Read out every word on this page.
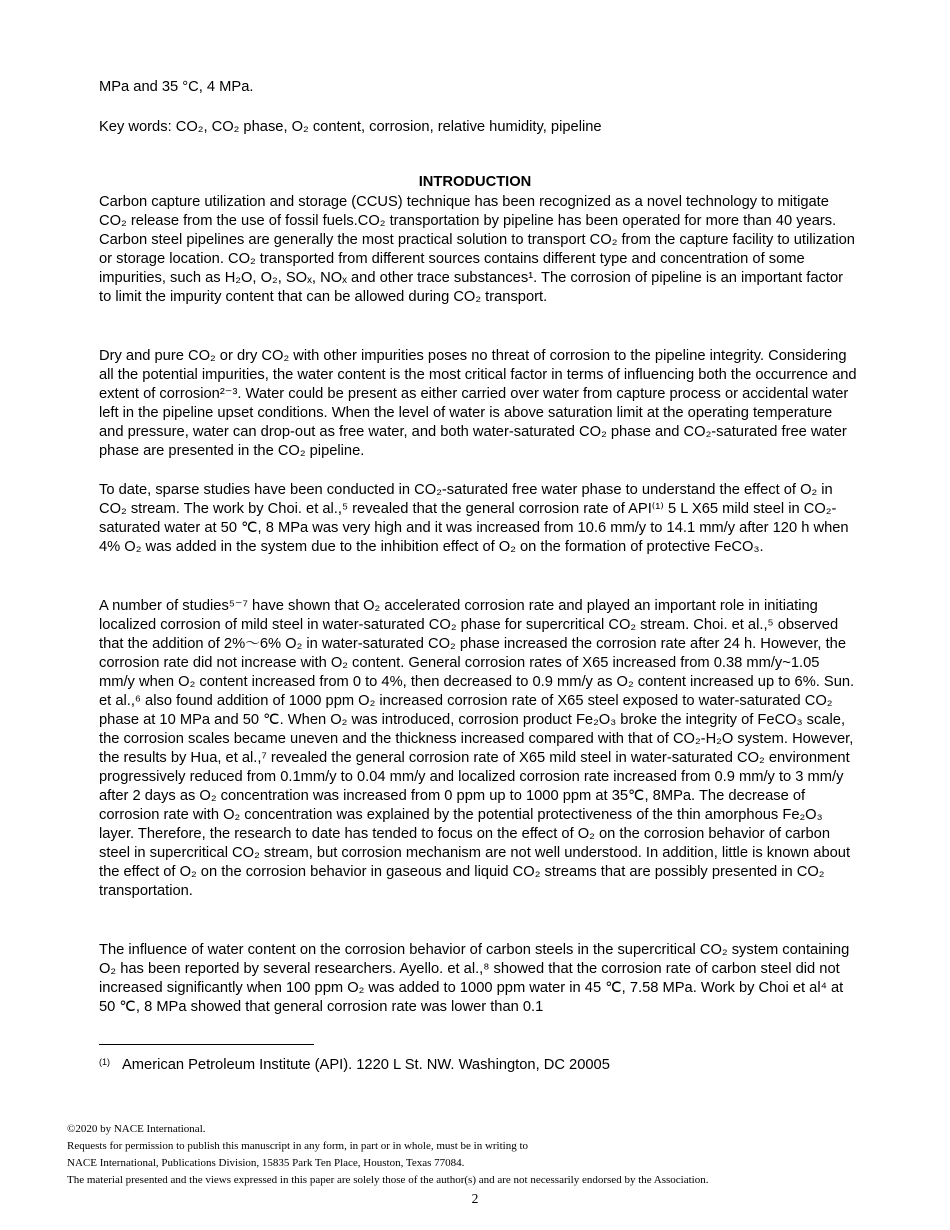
MPa and 35 °C, 4 MPa.
Key words: CO₂, CO₂ phase, O₂ content, corrosion, relative humidity, pipeline
INTRODUCTION
Carbon capture utilization and storage (CCUS) technique has been recognized as a novel technology to mitigate CO₂ release from the use of fossil fuels.CO₂ transportation by pipeline has been operated for more than 40 years. Carbon steel pipelines are generally the most practical solution to transport CO₂ from the capture facility to utilization or storage location. CO₂ transported from different sources contains different type and concentration of some impurities, such as H₂O, O₂, SOₓ, NOₓ and other trace substances¹. The corrosion of pipeline is an important factor to limit the impurity content that can be allowed during CO₂ transport.
Dry and pure CO₂ or dry CO₂ with other impurities poses no threat of corrosion to the pipeline integrity. Considering all the potential impurities, the water content is the most critical factor in terms of influencing both the occurrence and extent of corrosion²⁻³. Water could be present as either carried over water from capture process or accidental water left in the pipeline upset conditions. When the level of water is above saturation limit at the operating temperature and pressure, water can drop-out as free water, and both water-saturated CO₂ phase and CO₂-saturated free water phase are presented in the CO₂ pipeline.
To date, sparse studies have been conducted in CO₂-saturated free water phase to understand the effect of O₂ in CO₂ stream. The work by Choi. et al.,⁵ revealed that the general corrosion rate of API⁽¹⁾ 5 L X65 mild steel in CO₂-saturated water at 50 ℃, 8 MPa was very high and it was increased from 10.6 mm/y to 14.1 mm/y after 120 h when 4% O₂ was added in the system due to the inhibition effect of O₂ on the formation of protective FeCO₃.
A number of studies⁵⁻⁷ have shown that O₂ accelerated corrosion rate and played an important role in initiating localized corrosion of mild steel in water-saturated CO₂ phase for supercritical CO₂ stream. Choi. et al.,⁵ observed that the addition of 2%～6% O₂ in water-saturated CO₂ phase increased the corrosion rate after 24 h. However, the corrosion rate did not increase with O₂ content. General corrosion rates of X65 increased from 0.38 mm/y~1.05 mm/y when O₂ content increased from 0 to 4%, then decreased to 0.9 mm/y as O₂ content increased up to 6%. Sun. et al.,⁶ also found addition of 1000 ppm O₂ increased corrosion rate of X65 steel exposed to water-saturated CO₂ phase at 10 MPa and 50 ℃. When O₂ was introduced, corrosion product Fe₂O₃ broke the integrity of FeCO₃ scale, the corrosion scales became uneven and the thickness increased compared with that of CO₂-H₂O system. However, the results by Hua, et al.,⁷ revealed the general corrosion rate of X65 mild steel in water-saturated CO₂ environment progressively reduced from 0.1mm/y to 0.04 mm/y and localized corrosion rate increased from 0.9 mm/y to 3 mm/y after 2 days as O₂ concentration was increased from 0 ppm up to 1000 ppm at 35℃, 8MPa. The decrease of corrosion rate with O₂ concentration was explained by the potential protectiveness of the thin amorphous Fe₂O₃ layer. Therefore, the research to date has tended to focus on the effect of O₂ on the corrosion behavior of carbon steel in supercritical CO₂ stream, but corrosion mechanism are not well understood. In addition, little is known about the effect of O₂ on the corrosion behavior in gaseous and liquid CO₂ streams that are possibly presented in CO₂ transportation.
The influence of water content on the corrosion behavior of carbon steels in the supercritical CO₂ system containing O₂ has been reported by several researchers. Ayello. et al.,⁸ showed that the corrosion rate of carbon steel did not increased significantly when 100 ppm O₂ was added to 1000 ppm water in 45 ℃, 7.58 MPa. Work by Choi et al⁴ at 50 ℃, 8 MPa showed that general corrosion rate was lower than 0.1
$^{(1)}$ American Petroleum Institute (API). 1220 L St. NW. Washington, DC 20005
©2020 by NACE International.
Requests for permission to publish this manuscript in any form, in part or in whole, must be in writing to
NACE International, Publications Division, 15835 Park Ten Place, Houston, Texas 77084.
The material presented and the views expressed in this paper are solely those of the author(s) and are not necessarily endorsed by the Association.
2
